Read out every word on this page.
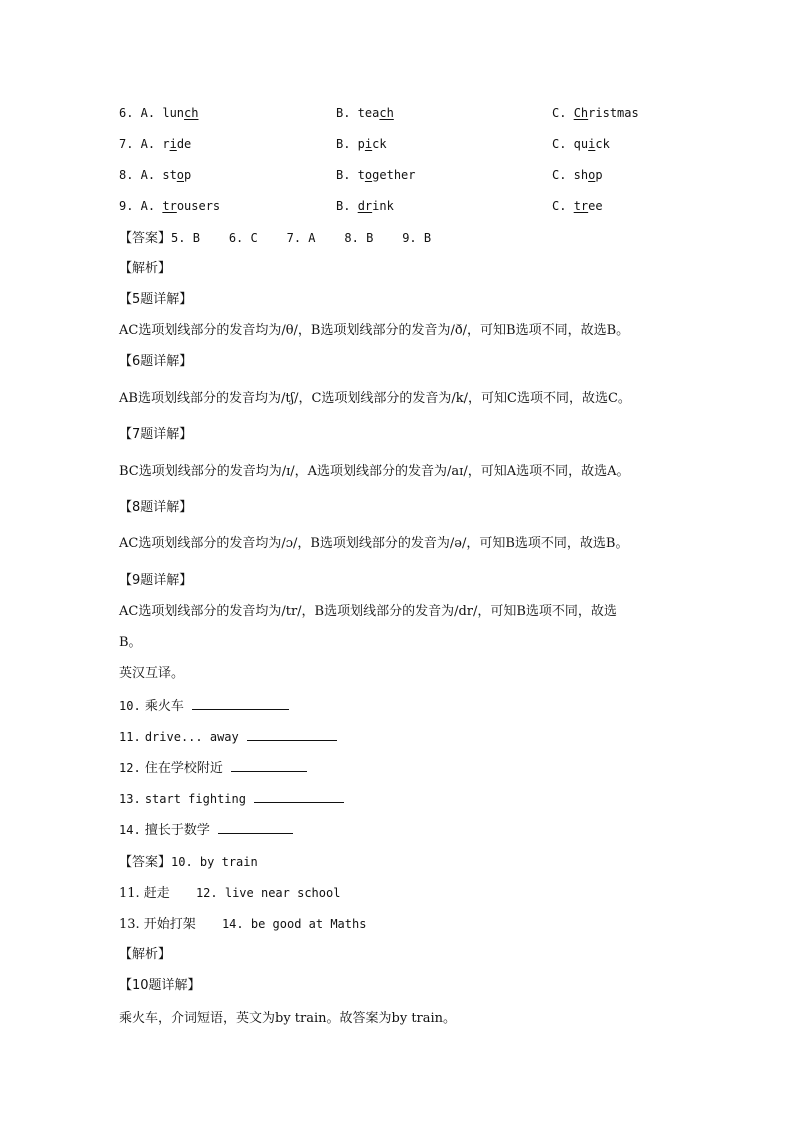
6. A. lunch	B. teach	C. Christmas
7. A. ride	B. pick	C. quick
8. A. stop	B. together	C. shop
9. A. trousers	B. drink	C. tree
【答案】5. B    6. C    7. A    8. B    9. B
【解析】
【5题详解】
AC选项划线部分的发音均为/θ/，B选项划线部分的发音为/ð/，可知B选项不同，故选B。
【6题详解】
AB选项划线部分的发音均为/tʃ/，C选项划线部分的发音为/k/，可知C选项不同，故选C。
【7题详解】
BC选项划线部分的发音均为/ɪ/，A选项划线部分的发音为/aɪ/，可知A选项不同，故选A。
【8题详解】
AC选项划线部分的发音均为/ɔ/，B选项划线部分的发音为/ə/，可知B选项不同，故选B。
【9题详解】
AC选项划线部分的发音均为/tr/，B选项划线部分的发音为/dr/，可知B选项不同，故选
B。
英汉互译。
10. 乘火车
11. drive... away
12. 住在学校附近
13. start fighting
14. 擅长于数学
【答案】10. by train
11. 赶走 12. live near school
13. 开始打架 14. be good at Maths
【解析】
【10题详解】
乘火车，介词短语，英文为by train。故答案为by train。
